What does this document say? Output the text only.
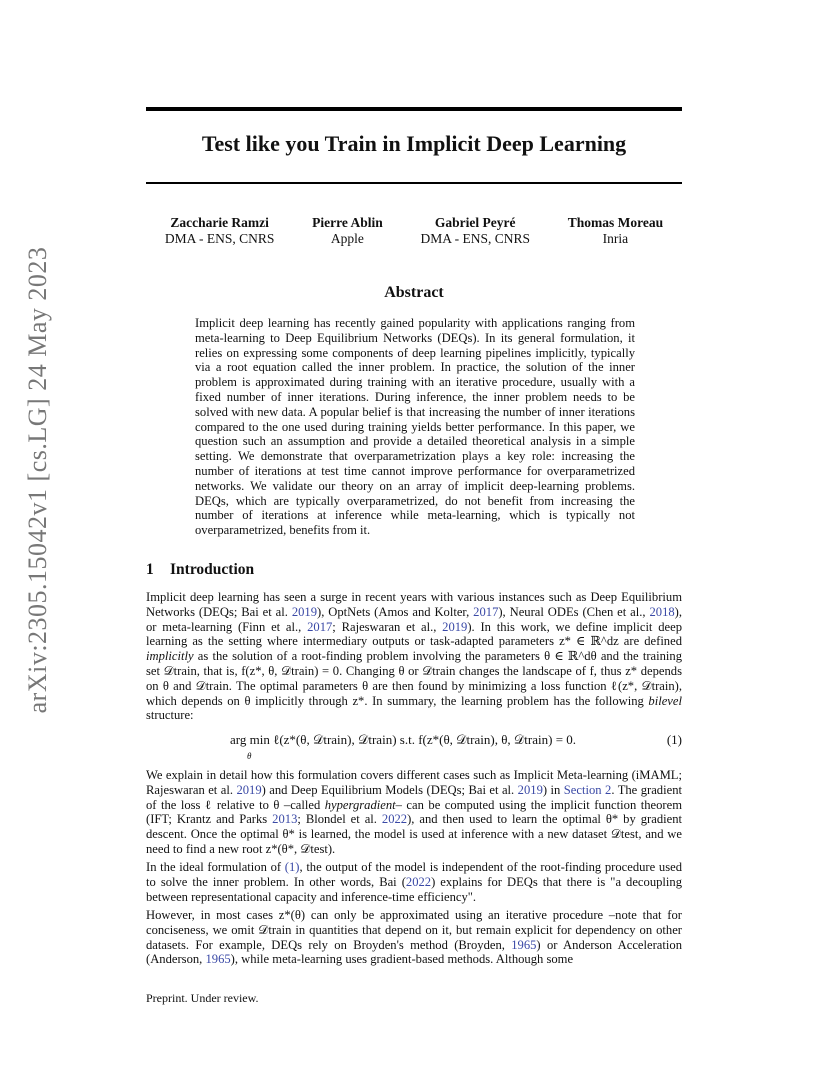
arXiv:2305.15042v1 [cs.LG] 24 May 2023
Test like you Train in Implicit Deep Learning
Zaccharie Ramzi
DMA - ENS, CNRS
Pierre Ablin
Apple
Gabriel Peyré
DMA - ENS, CNRS
Thomas Moreau
Inria
Abstract
Implicit deep learning has recently gained popularity with applications ranging from meta-learning to Deep Equilibrium Networks (DEQs). In its general formulation, it relies on expressing some components of deep learning pipelines implicitly, typically via a root equation called the inner problem. In practice, the solution of the inner problem is approximated during training with an iterative procedure, usually with a fixed number of inner iterations. During inference, the inner problem needs to be solved with new data. A popular belief is that increasing the number of inner iterations compared to the one used during training yields better performance. In this paper, we question such an assumption and provide a detailed theoretical analysis in a simple setting. We demonstrate that overparametrization plays a key role: increasing the number of iterations at test time cannot improve performance for overparametrized networks. We validate our theory on an array of implicit deep-learning problems. DEQs, which are typically overparametrized, do not benefit from increasing the number of iterations at inference while meta-learning, which is typically not overparametrized, benefits from it.
1 Introduction
Implicit deep learning has seen a surge in recent years with various instances such as Deep Equilibrium Networks (DEQs; Bai et al. 2019), OptNets (Amos and Kolter, 2017), Neural ODEs (Chen et al., 2018), or meta-learning (Finn et al., 2017; Rajeswaran et al., 2019). In this work, we define implicit deep learning as the setting where intermediary outputs or task-adapted parameters z* ∈ ℝ^dz are defined implicitly as the solution of a root-finding problem involving the parameters θ ∈ ℝ^dθ and the training set 𝒟train, that is, f(z*, θ, 𝒟train) = 0. Changing θ or 𝒟train changes the landscape of f, thus z* depends on θ and 𝒟train. The optimal parameters θ are then found by minimizing a loss function ℓ(z*, 𝒟train), which depends on θ implicitly through z*. In summary, the learning problem has the following bilevel structure:
arg min ℓ(z*(θ, 𝒟train), 𝒟train) s.t. f(z*(θ, 𝒟train), θ, 𝒟train) = 0.
θ
(1)
We explain in detail how this formulation covers different cases such as Implicit Meta-learning (iMAML; Rajeswaran et al. 2019) and Deep Equilibrium Models (DEQs; Bai et al. 2019) in Section 2. The gradient of the loss ℓ relative to θ –called hypergradient– can be computed using the implicit function theorem (IFT; Krantz and Parks 2013; Blondel et al. 2022), and then used to learn the optimal θ* by gradient descent. Once the optimal θ* is learned, the model is used at inference with a new dataset 𝒟test, and we need to find a new root z*(θ*, 𝒟test).
In the ideal formulation of (1), the output of the model is independent of the root-finding procedure used to solve the inner problem. In other words, Bai (2022) explains for DEQs that there is "a decoupling between representational capacity and inference-time efficiency".
However, in most cases z*(θ) can only be approximated using an iterative procedure –note that for conciseness, we omit 𝒟train in quantities that depend on it, but remain explicit for dependency on other datasets. For example, DEQs rely on Broyden's method (Broyden, 1965) or Anderson Acceleration (Anderson, 1965), while meta-learning uses gradient-based methods. Although some
Preprint. Under review.
